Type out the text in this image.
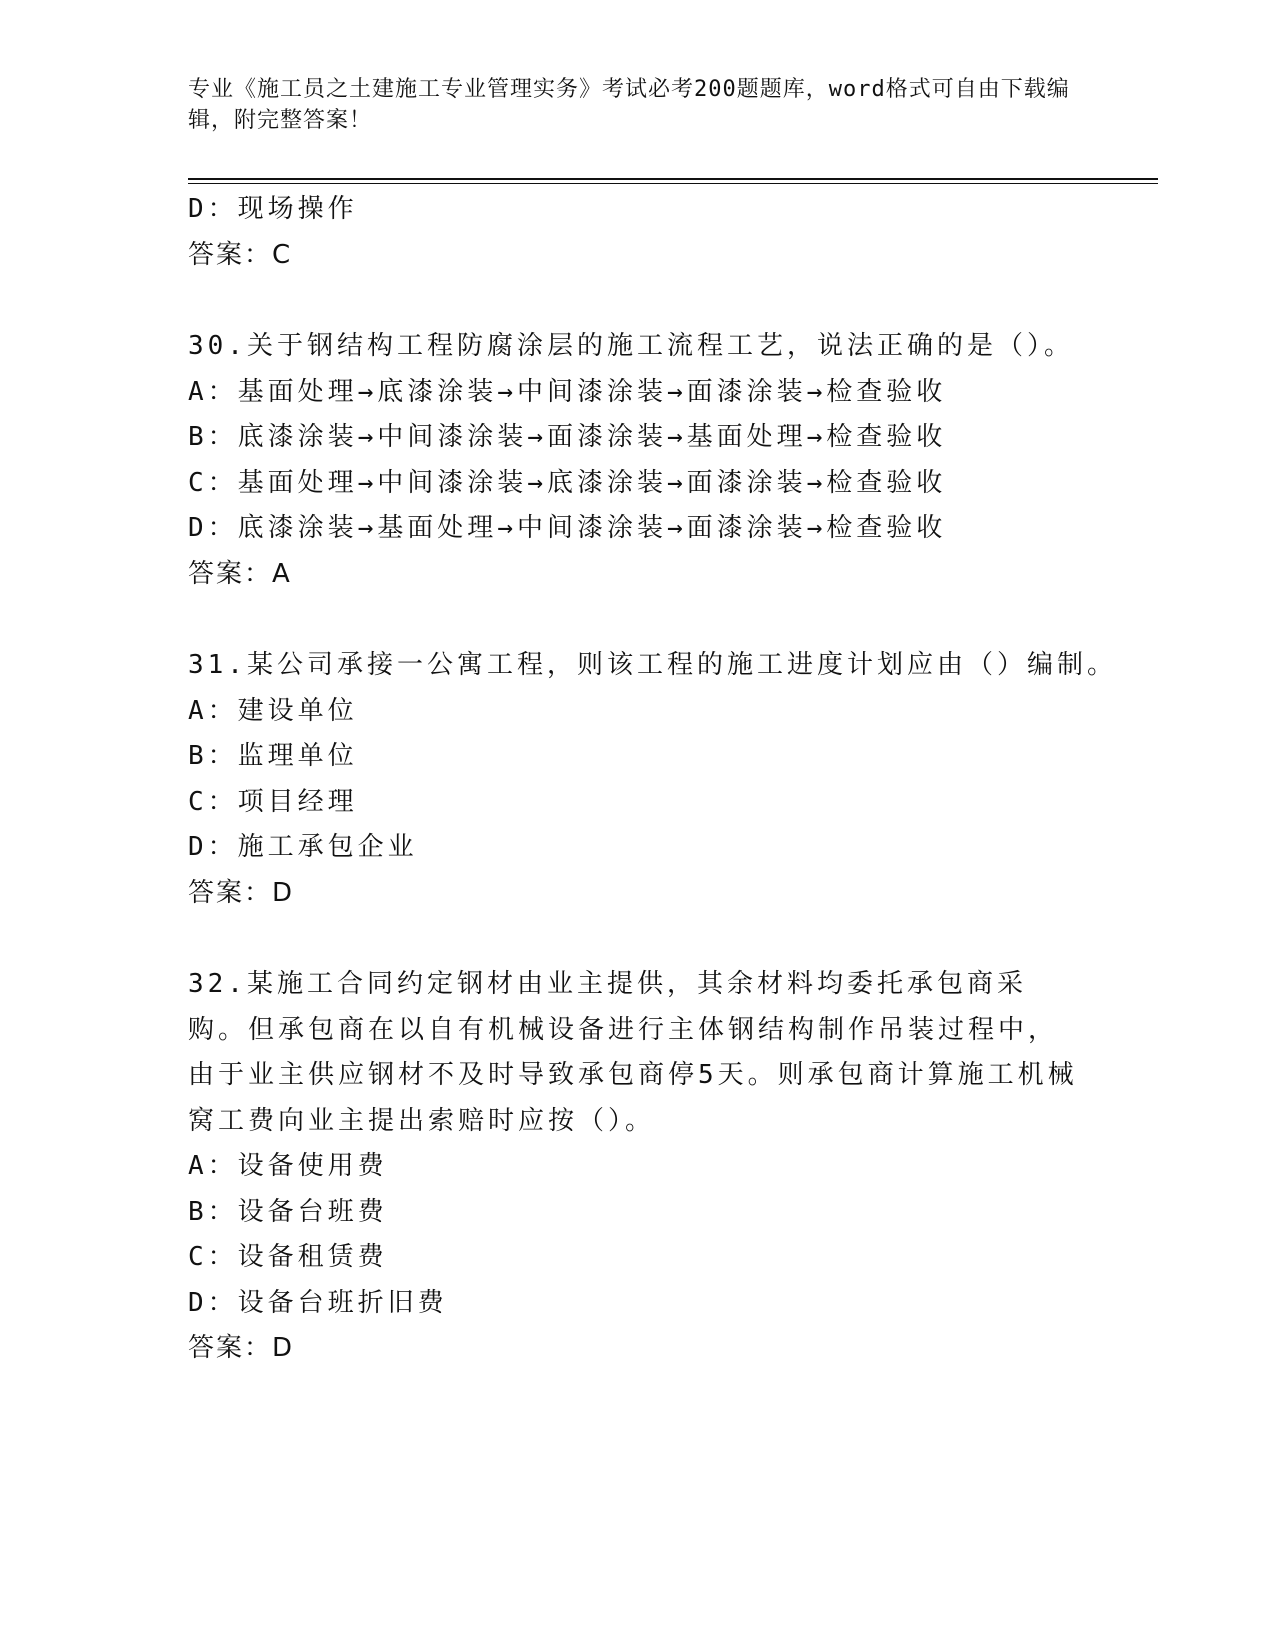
专业《施工员之土建施工专业管理实务》考试必考200题题库，word格式可自由下载编辑，附完整答案！
D：现场操作
答案：C
30.关于钢结构工程防腐涂层的施工流程工艺，说法正确的是（）。
A：基面处理→底漆涂装→中间漆涂装→面漆涂装→检查验收
B：底漆涂装→中间漆涂装→面漆涂装→基面处理→检查验收
C：基面处理→中间漆涂装→底漆涂装→面漆涂装→检查验收
D：底漆涂装→基面处理→中间漆涂装→面漆涂装→检查验收
答案：A
31.某公司承接一公寓工程，则该工程的施工进度计划应由（）编制。
A：建设单位
B：监理单位
C：项目经理
D：施工承包企业
答案：D
32.某施工合同约定钢材由业主提供，其余材料均委托承包商采购。但承包商在以自有机械设备进行主体钢结构制作吊装过程中，由于业主供应钢材不及时导致承包商停5天。则承包商计算施工机械窝工费向业主提出索赔时应按（）。
A：设备使用费
B：设备台班费
C：设备租赁费
D：设备台班折旧费
答案：D
